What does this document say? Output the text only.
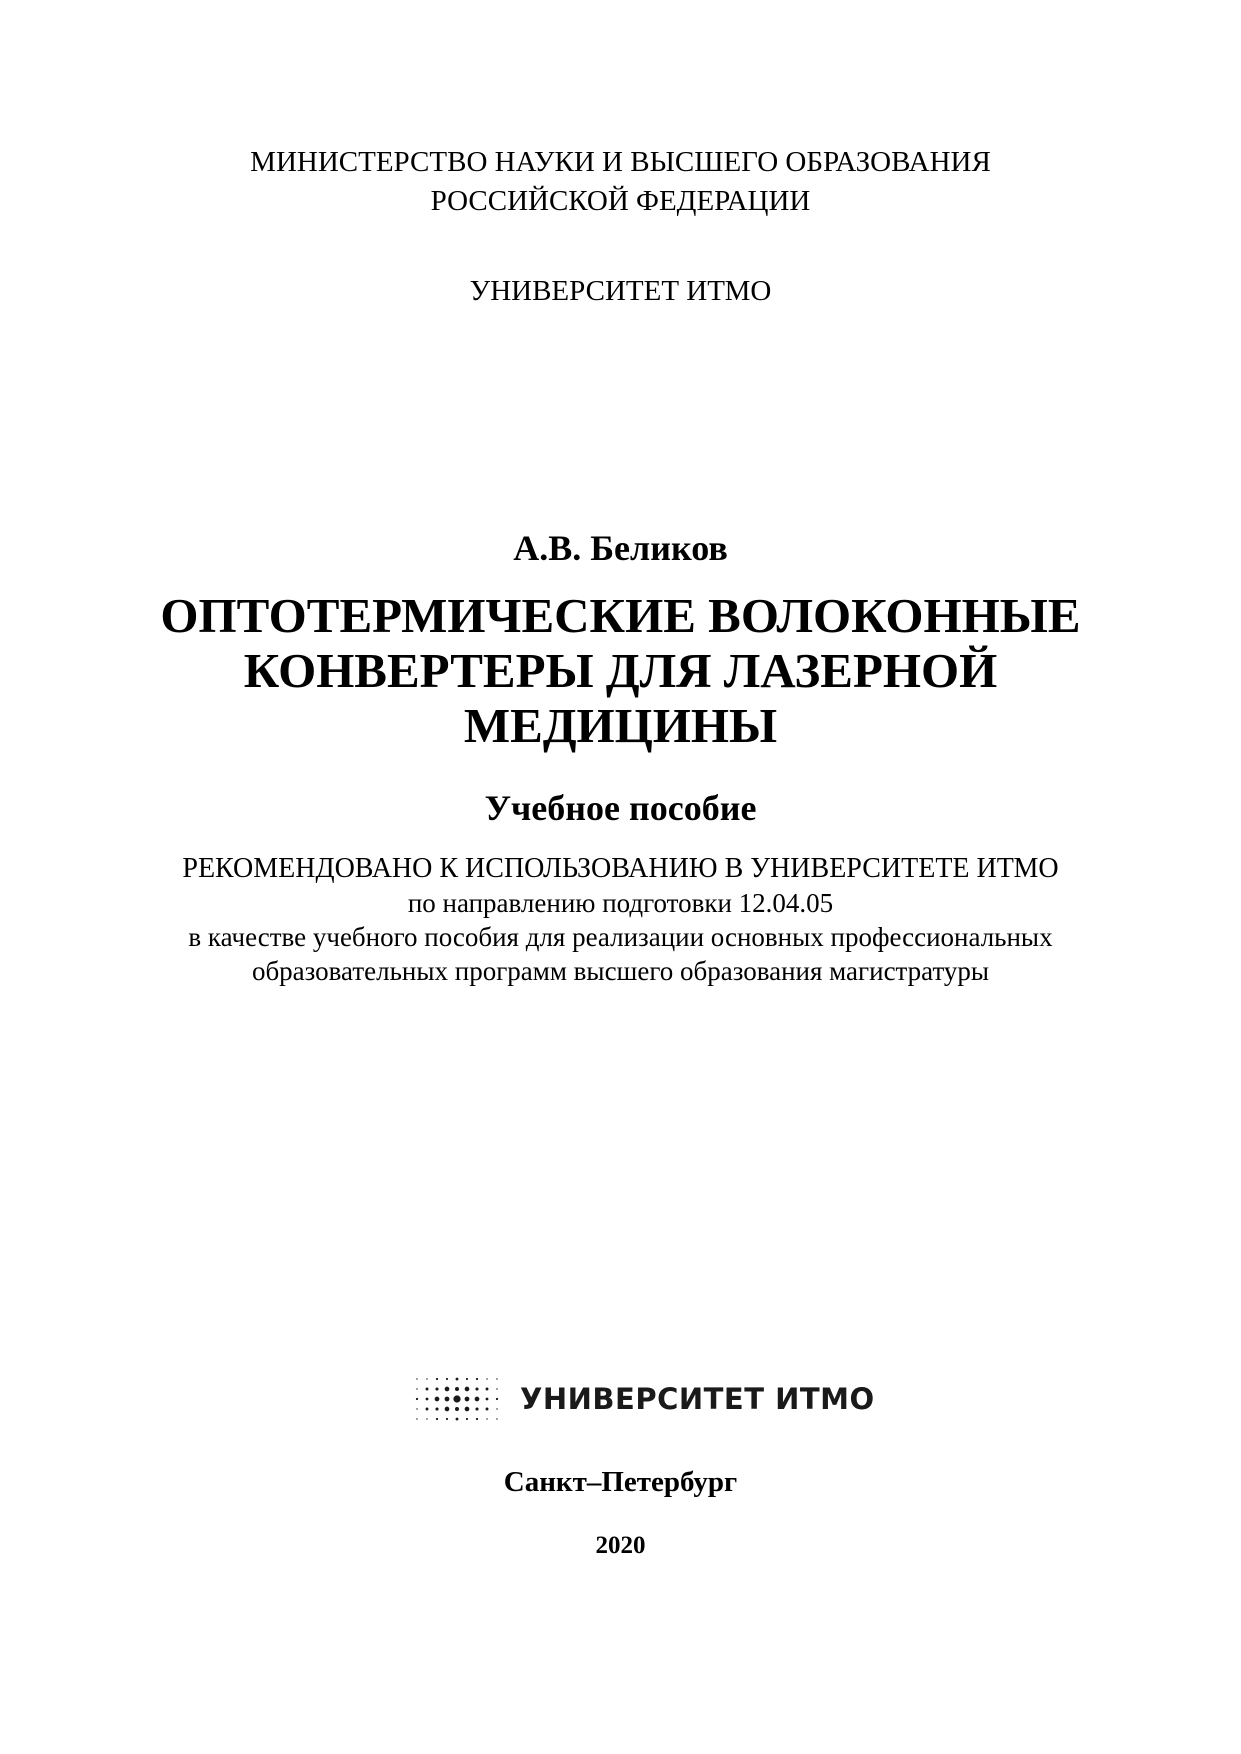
МИНИСТЕРСТВО НАУКИ И ВЫСШЕГО ОБРАЗОВАНИЯ
РОССИЙСКОЙ ФЕДЕРАЦИИ
УНИВЕРСИТЕТ ИТМО
А.В. Беликов
ОПТОТЕРМИЧЕСКИЕ ВОЛОКОННЫЕ
КОНВЕРТЕРЫ ДЛЯ ЛАЗЕРНОЙ
МЕДИЦИНЫ
Учебное пособие
РЕКОМЕНДОВАНО К ИСПОЛЬЗОВАНИЮ В УНИВЕРСИТЕТЕ ИТМО
по направлению подготовки 12.04.05
в качестве учебного пособия для реализации основных профессиональных
образовательных программ высшего образования магистратуры
УНИВЕРСИТЕТ ИТМО
Санкт–Петербург
2020
